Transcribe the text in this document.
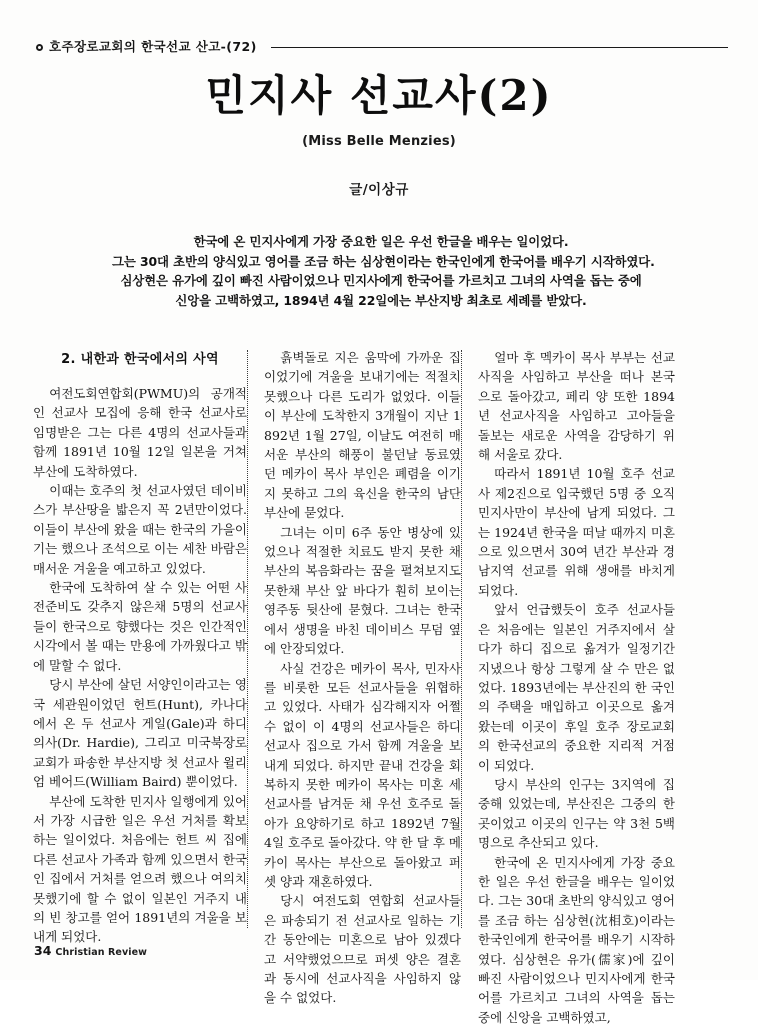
호주장로교회의 한국선교 산고-(72)
민지사 선교사(2)
(Miss Belle Menzies)
글/이상규
한국에 온 민지사에게 가장 중요한 일은 우선 한글을 배우는 일이었다.
그는 30대 초반의 양식있고 영어를 조금 하는 심상현이라는 한국인에게 한국어를 배우기 시작하였다.
심상현은 유가에 깊이 빠진 사람이었으나 민지사에게 한국어를 가르치고 그녀의 사역을 돕는 중에
신앙을 고백하였고, 1894년 4월 22일에는 부산지방 최초로 세례를 받았다.
2. 내한과 한국에서의 사역

여전도회연합회(PWMU)의 공개적인 선교사 모집에 응해 한국 선교사로 임명받은 그는 다른 4명의 선교사들과 함께 1891년 10월 12일 일본을 거쳐 부산에 도착하였다.

이때는 호주의 첫 선교사였던 데이비스가 부산땅을 밟은지 꼭 2년만이었다. 이들이 부산에 왔을 때는 한국의 가을이기는 했으나 조석으로 이는 세찬 바람은 매서운 겨울을 예고하고 있었다.

한국에 도착하여 살 수 있는 어떤 사전준비도 갖추지 않은채 5명의 선교사들이 한국으로 향했다는 것은 인간적인 시각에서 볼 때는 만용에 가까웠다고 밖에 말할 수 없다.

당시 부산에 살던 서양인이라고는 영국 세관원이었던 헌트(Hunt), 카나다에서 온 두 선교사 게일(Gale)과 하디 의사(Dr. Hardie), 그리고 미국북장로교회가 파송한 부산지방 첫 선교사 윌리엄 베어드(William Baird) 뿐이었다.

부산에 도착한 민지사 일행에게 있어서 가장 시급한 일은 우선 거처를 확보하는 일이었다. 처음에는 헌트 씨 집에 다른 선교사 가족과 함께 있으면서 한국인 집에서 거처를 얻으려 했으나 여의치 못했기에 할 수 없이 일본인 거주지 내의 빈 창고를 얻어 1891년의 겨울을 보내게 되었다.

흙벽돌로 지은 움막에 가까운 집이었기에 겨울을 보내기에는 적절치 못했으나 다른 도리가 없었다. 이들이 부산에 도착한지 3개월이 지난 1892년 1월 27일, 이날도 여전히 매서운 부산의 해풍이 불던날 동료였던 메카이 목사 부인은 폐렴을 이기지 못하고 그의 육신을 한국의 남단 부산에 묻었다.

그녀는 이미 6주 동안 병상에 있었으나 적절한 치료도 받지 못한 채 부산의 복음화라는 꿈을 펼쳐보지도 못한채 부산 앞 바다가 훤히 보이는 영주동 뒷산에 묻혔다. 그녀는 한국에서 생명을 바친 데이비스 무덤 옆에 안장되었다.

사실 건강은 메카이 목사, 민자사를 비롯한 모든 선교사들을 위협하고 있었다. 사태가 심각해지자 어쩔 수 없이 이 4명의 선교사들은 하디 선교사 집으로 가서 함께 겨울을 보내게 되었다. 하지만 끝내 건강을 회복하지 못한 메카이 목사는 미혼 세 선교사를 남겨둔 채 우선 호주로 돌아가 요양하기로 하고 1892년 7월 4일 호주로 돌아갔다. 약 한 달 후 메카이 목사는 부산으로 돌아왔고 퍼셋 양과 재혼하였다.

당시 여전도회 연합회 선교사들은 파송되기 전 선교사로 일하는 기간 동안에는 미혼으로 남아 있겠다고 서약했었으므로 퍼셋 양은 결혼과 동시에 선교사직을 사임하지 않을 수 없었다.

얼마 후 멕카이 목사 부부는 선교사직을 사임하고 부산을 떠나 본국으로 돌아갔고, 페리 양 또한 1894년 선교사직을 사임하고 고아들을 돌보는 새로운 사역을 감당하기 위해 서울로 갔다.

따라서 1891년 10월 호주 선교사 제2진으로 입국했던 5명 중 오직 민지사만이 부산에 남게 되었다. 그는 1924년 한국을 떠날 때까지 미혼으로 있으면서 30여 년간 부산과 경남지역 선교를 위해 생애를 바치게 되었다.

앞서 언급했듯이 호주 선교사들은 처음에는 일본인 거주지에서 살다가 하디 집으로 옮겨가 일정기간 지냈으나 항상 그렇게 살 수 만은 없었다. 1893년에는 부산진의 한 국인의 주택을 매입하고 이곳으로 옮겨왔는데 이곳이 후일 호주 장로교회의 한국선교의 중요한 지리적 거점이 되었다.

당시 부산의 인구는 3지역에 집중해 있었는데, 부산진은 그중의 한 곳이었고 이곳의 인구는 약 3천 5백 명으로 추산되고 있다.

한국에 온 민지사에게 가장 중요한 일은 우선 한글을 배우는 일이었다. 그는 30대 초반의 양식있고 영어를 조금 하는 심상현(沈相호)이라는 한국인에게 한국어를 배우기 시작하였다. 심상현은 유가(儒家)에 깊이 빠진 사람이었으나 민지사에게 한국어를 가르치고 그녀의 사역을 돕는 중에 신앙을 고백하였고,

34 Christian Review
